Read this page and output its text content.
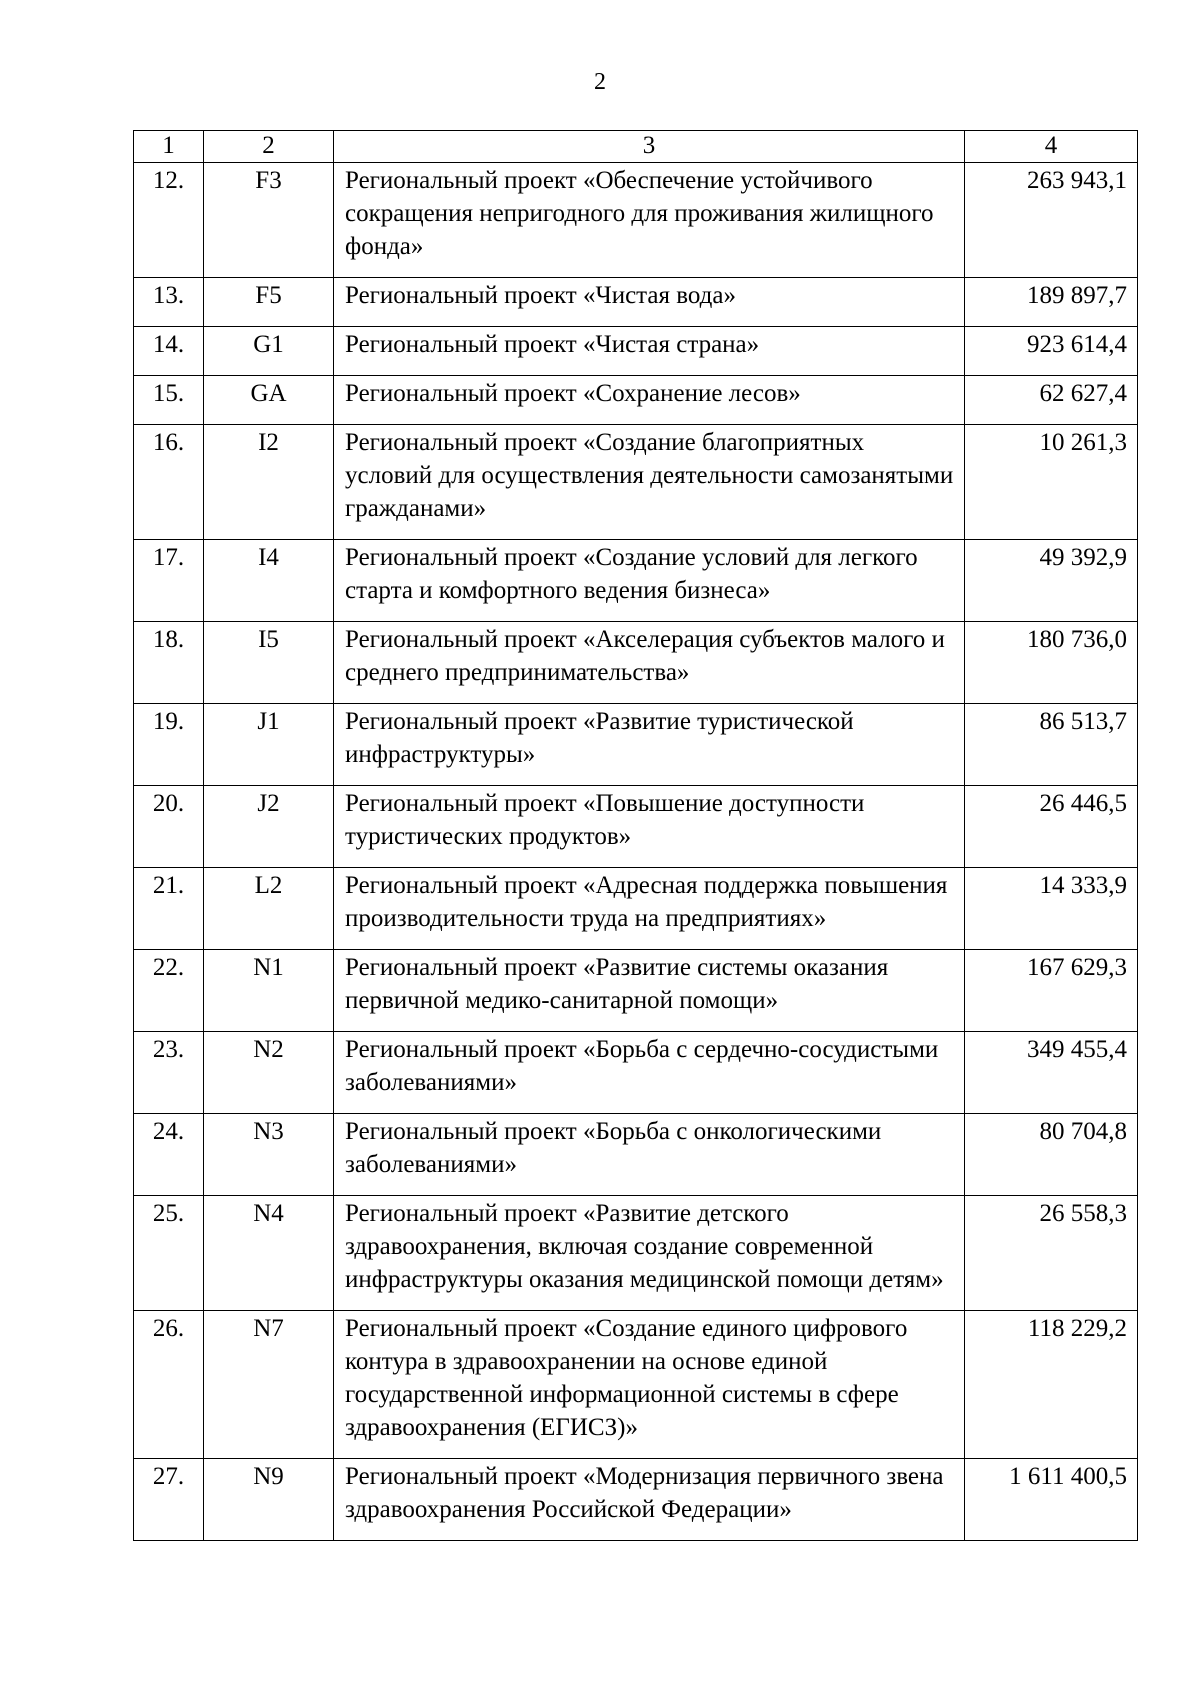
2
1	2	3	4
12.	F3	Региональный проект «Обеспечение устойчивого сокращения непригодного для проживания жилищного фонда»	263 943,1
13.	F5	Региональный проект «Чистая вода»	189 897,7
14.	G1	Региональный проект «Чистая страна»	923 614,4
15.	GA	Региональный проект «Сохранение лесов»	62 627,4
16.	I2	Региональный проект «Создание благоприятных условий для осуществления деятельности самозанятыми гражданами»	10 261,3
17.	I4	Региональный проект «Создание условий для легкого старта и комфортного ведения бизнеса»	49 392,9
18.	I5	Региональный проект «Акселерация субъектов малого и среднего предпринимательства»	180 736,0
19.	J1	Региональный проект «Развитие туристической инфраструктуры»	86 513,7
20.	J2	Региональный проект «Повышение доступности туристических продуктов»	26 446,5
21.	L2	Региональный проект «Адресная поддержка повышения производительности труда на предприятиях»	14 333,9
22.	N1	Региональный проект «Развитие системы оказания первичной медико-санитарной помощи»	167 629,3
23.	N2	Региональный проект «Борьба с сердечно-сосудистыми заболеваниями»	349 455,4
24.	N3	Региональный проект «Борьба с онкологическими заболеваниями»	80 704,8
25.	N4	Региональный проект «Развитие детского здравоохранения, включая создание современной инфраструктуры оказания медицинской помощи детям»	26 558,3
26.	N7	Региональный проект «Создание единого цифрового контура в здравоохранении на основе единой государственной информационной системы в сфере здравоохранения (ЕГИСЗ)»	118 229,2
27.	N9	Региональный проект «Модернизация первичного звена здравоохранения Российской Федерации»	1 611 400,5
